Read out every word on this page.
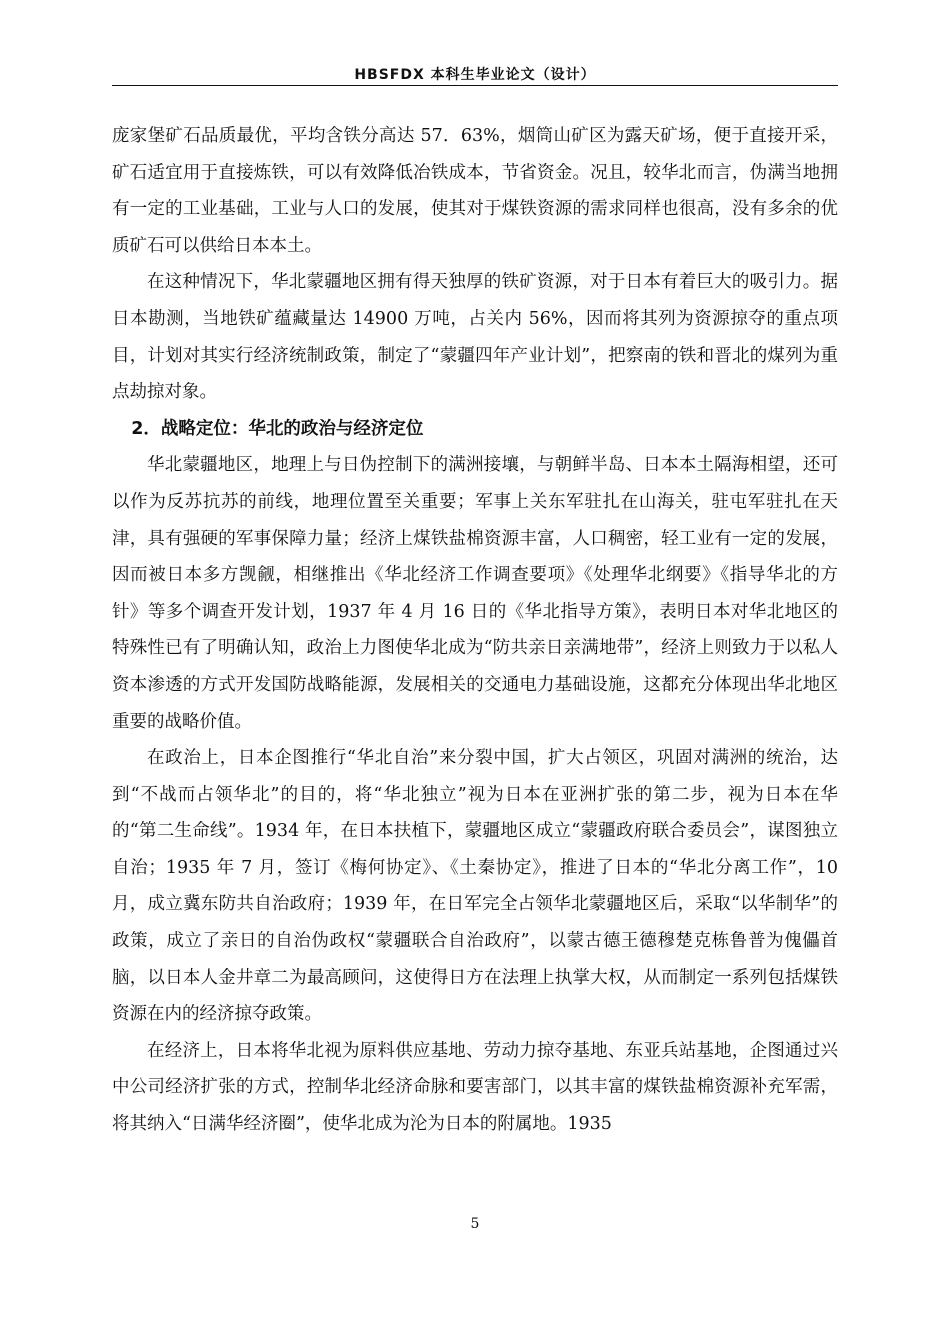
HBSFDX 本科生毕业论文（设计）

庞家堡矿石品质最优，平均含铁分高达 57．63%，烟筒山矿区为露天矿场，便于直接开采，矿石适宜用于直接炼铁，可以有效降低冶铁成本，节省资金。况且，较华北而言，伪满当地拥有一定的工业基础，工业与人口的发展，使其对于煤铁资源的需求同样也很高，没有多余的优质矿石可以供给日本本土。

在这种情况下，华北蒙疆地区拥有得天独厚的铁矿资源，对于日本有着巨大的吸引力。据日本勘测，当地铁矿蕴藏量达 14900 万吨，占关内 56%，因而将其列为资源掠夺的重点项目，计划对其实行经济统制政策，制定了“蒙疆四年产业计划”，把察南的铁和晋北的煤列为重点劫掠对象。

2．战略定位：华北的政治与经济定位

华北蒙疆地区，地理上与日伪控制下的满洲接壤，与朝鲜半岛、日本本土隔海相望，还可以作为反苏抗苏的前线，地理位置至关重要；军事上关东军驻扎在山海关，驻屯军驻扎在天津，具有强硬的军事保障力量；经济上煤铁盐棉资源丰富，人口稠密，轻工业有一定的发展，因而被日本多方觊觎，相继推出《华北经济工作调查要项》《处理华北纲要》《指导华北的方针》等多个调查开发计划，1937 年 4 月 16 日的《华北指导方策》，表明日本对华北地区的特殊性已有了明确认知，政治上力图使华北成为“防共亲日亲满地带”，经济上则致力于以私人资本渗透的方式开发国防战略能源，发展相关的交通电力基础设施，这都充分体现出华北地区重要的战略价值。

在政治上，日本企图推行“华北自治”来分裂中国，扩大占领区，巩固对满洲的统治，达到“不战而占领华北”的目的，将“华北独立”视为日本在亚洲扩张的第二步，视为日本在华的“第二生命线”。1934 年，在日本扶植下，蒙疆地区成立“蒙疆政府联合委员会”，谋图独立自治；1935 年 7 月，签订《梅何协定》、《土秦协定》，推进了日本的“华北分离工作”，10 月，成立冀东防共自治政府；1939 年，在日军完全占领华北蒙疆地区后，采取“以华制华”的政策，成立了亲日的自治伪政权“蒙疆联合自治政府”，以蒙古德王德穆楚克栋鲁普为傀儡首脑，以日本人金井章二为最高顾问，这使得日方在法理上执掌大权，从而制定一系列包括煤铁资源在内的经济掠夺政策。

在经济上，日本将华北视为原料供应基地、劳动力掠夺基地、东亚兵站基地，企图通过兴中公司经济扩张的方式，控制华北经济命脉和要害部门，以其丰富的煤铁盐棉资源补充军需，将其纳入“日满华经济圈”，使华北成为沦为日本的附属地。1935

5
